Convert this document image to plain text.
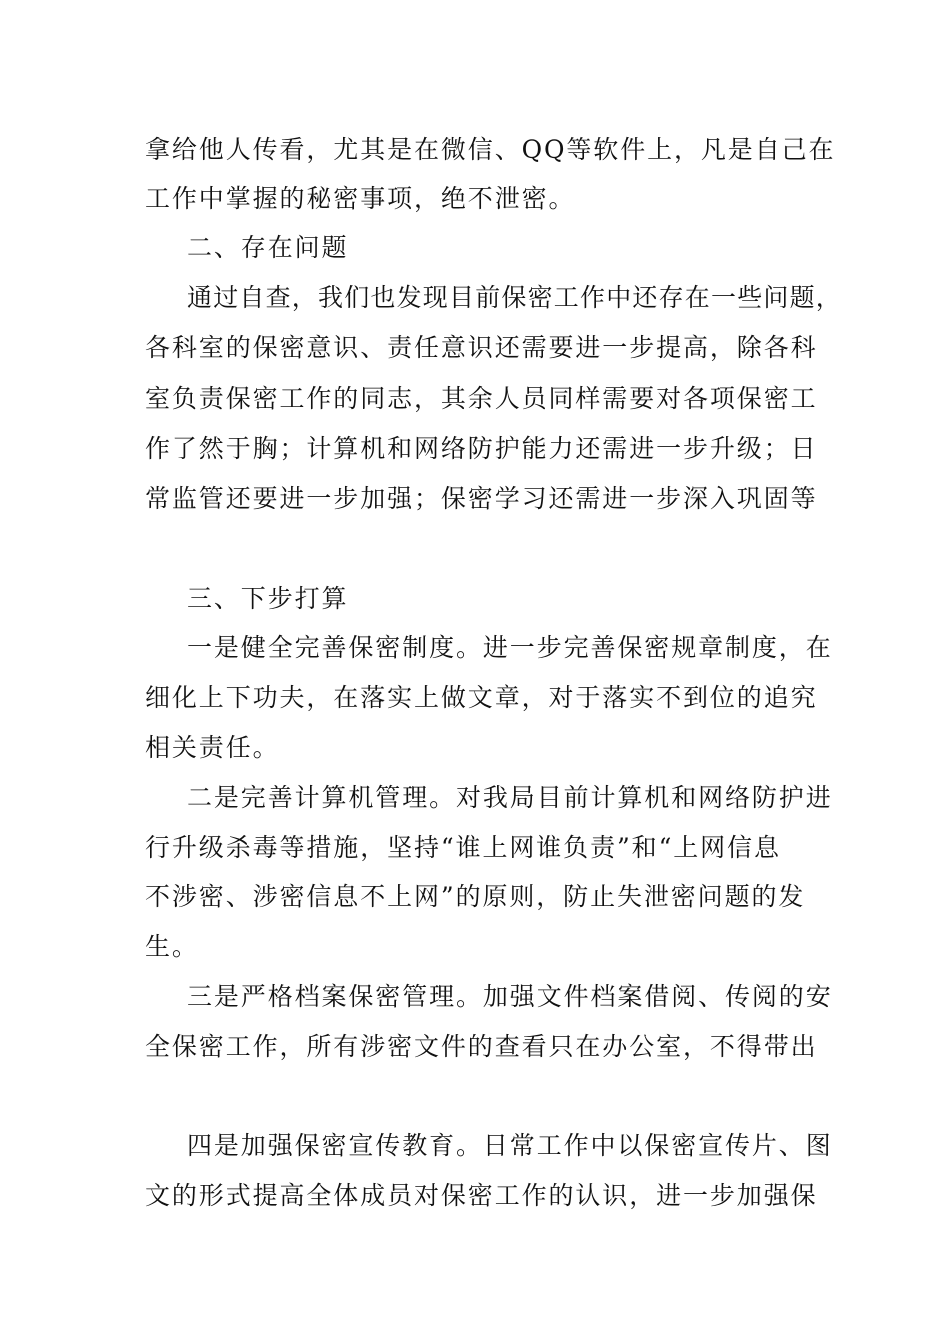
拿给他人传看，尤其是在微信、QQ等软件上，凡是自己在
工作中掌握的秘密事项，绝不泄密。
二、存在问题
通过自查，我们也发现目前保密工作中还存在一些问题，
各科室的保密意识、责任意识还需要进一步提高，除各科
室负责保密工作的同志，其余人员同样需要对各项保密工
作了然于胸；计算机和网络防护能力还需进一步升级；日
常监管还要进一步加强；保密学习还需进一步深入巩固等
三、下步打算
一是健全完善保密制度。进一步完善保密规章制度，在
细化上下功夫，在落实上做文章，对于落实不到位的追究
相关责任。
二是完善计算机管理。对我局目前计算机和网络防护进
行升级杀毒等措施，坚持“谁上网谁负责”和“上网信息
不涉密、涉密信息不上网”的原则，防止失泄密问题的发
生。
三是严格档案保密管理。加强文件档案借阅、传阅的安
全保密工作，所有涉密文件的查看只在办公室，不得带出
四是加强保密宣传教育。日常工作中以保密宣传片、图
文的形式提高全体成员对保密工作的认识，进一步加强保
